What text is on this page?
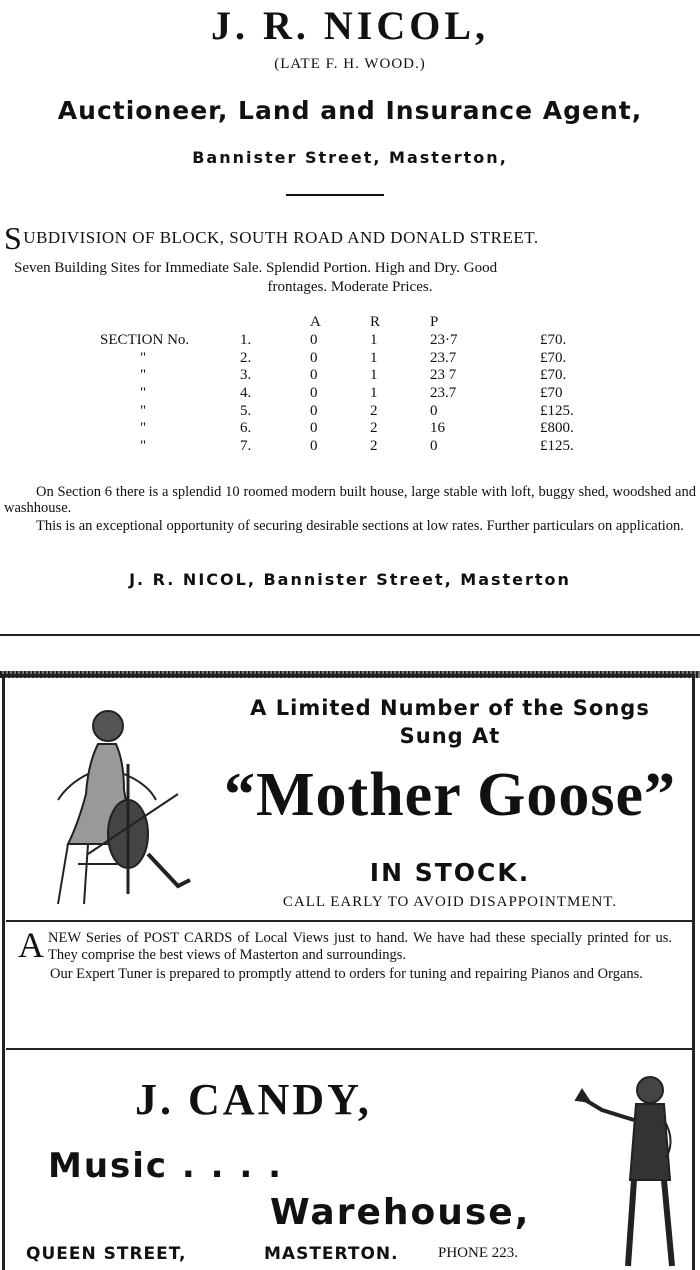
J. R. NICOL,
(LATE F. H. WOOD.)
Auctioneer, Land and Insurance Agent,
Bannister Street, Masterton,
SUBDIVISION OF BLOCK, SOUTH ROAD AND DONALD STREET.
Seven Building Sites for Immediate Sale. Splendid Portion. High and Dry. Good
frontages. Moderate Prices.
		A	R	P	
SECTION No.	1.	0	1	23·7	£70.
"	2.	0	1	23.7	£70.
"	3.	0	1	23 7	£70.
"	4.	0	1	23.7	£70
"	5.	0	2	0	£125.
"	6.	0	2	16	£800.
"	7.	0	2	0	£125.
On Section 6 there is a splendid 10 roomed modern built house, large stable with loft, buggy shed, woodshed and washhouse.
This is an exceptional opportunity of securing desirable sections at low rates. Further particulars on application.
J. R. NICOL, Bannister Street, Masterton
A Limited Number of the Songs Sung At
“Mother Goose”
IN STOCK.
CALL EARLY TO AVOID DISAPPOINTMENT.
ANEW Series of POST CARDS of Local Views just to hand. We have had these specially printed for us. They comprise the best views of Masterton and surroundings.
Our Expert Tuner is prepared to promptly attend to orders for tuning and repairing Pianos and Organs.
J. CANDY,
Music . . . .
Warehouse,
QUEEN STREET,	MASTERTON.	PHONE 223.
